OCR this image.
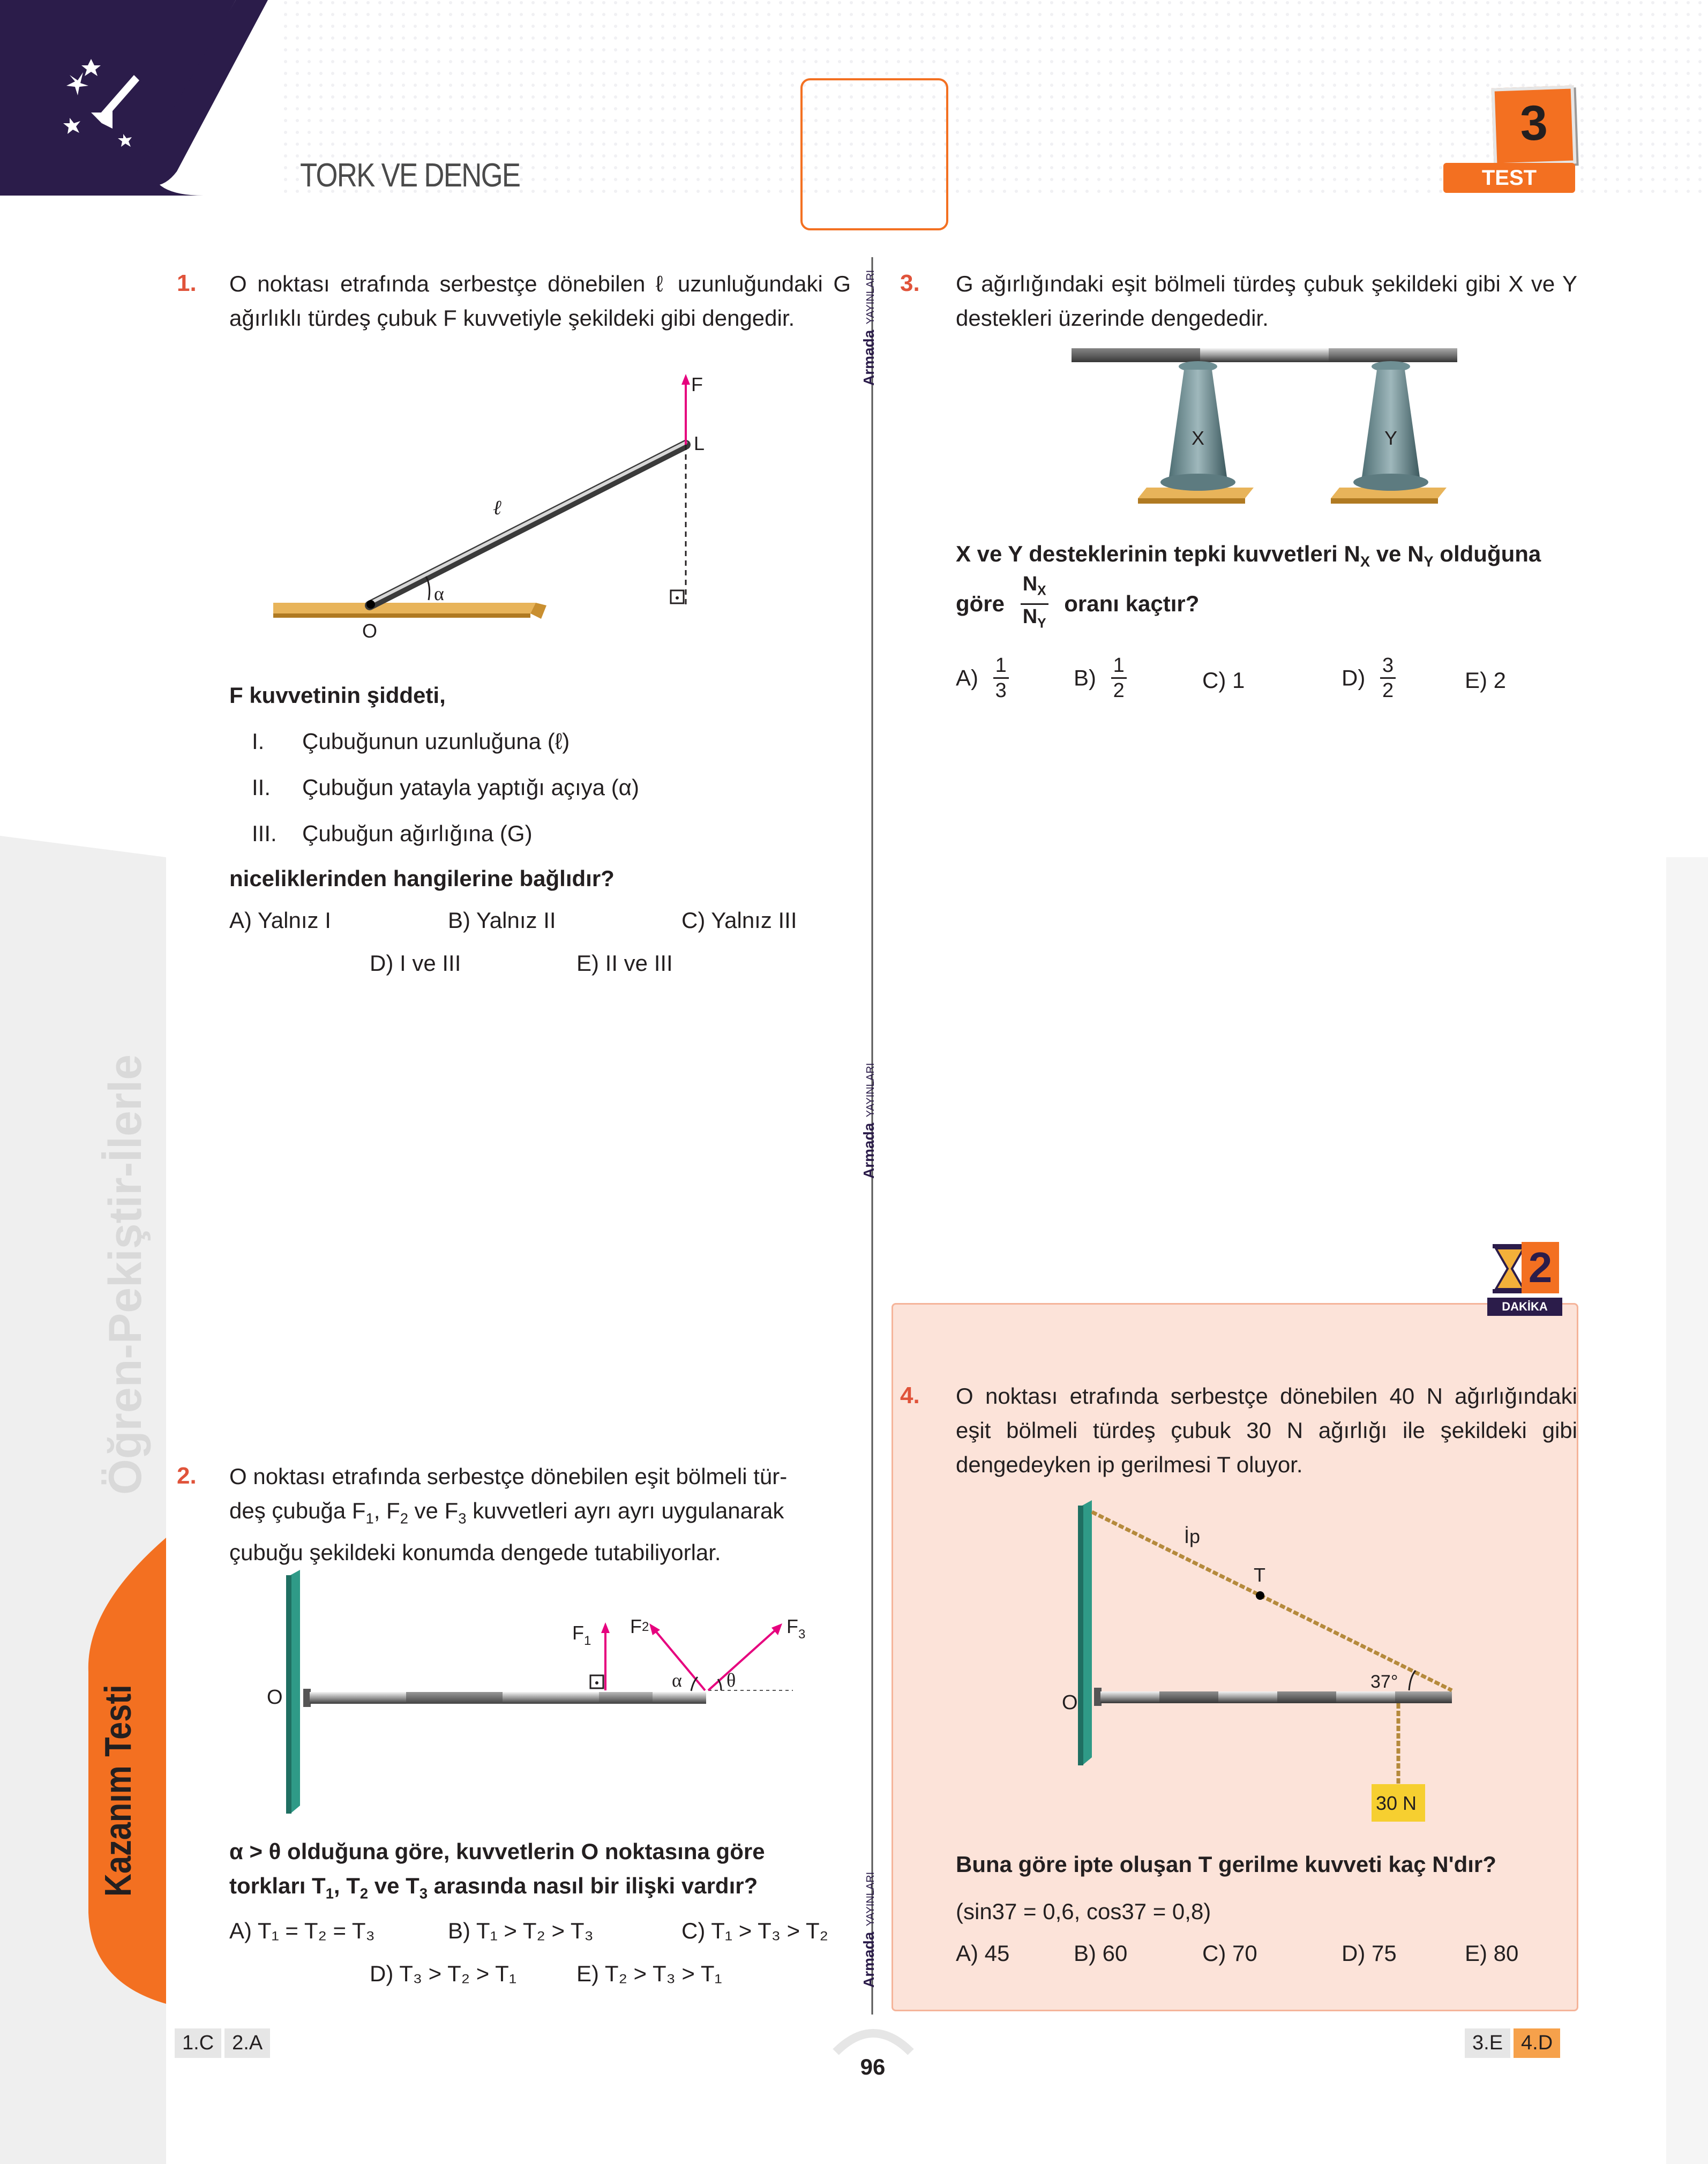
TORK VE DENGE
3
TEST
Kazanım Testi
Öğren-Pekiştir-İlerle
Armada YAYINLARI
Armada YAYINLARI
Armada YAYINLARI
1. O noktası etrafında serbestçe dönebilen ℓ uzunluğundaki G ağırlıklı türdeş çubuk F kuvvetiyle şekildeki gibi dengedir.
F
L
ℓ
α
O
F kuvvetinin şiddeti,
I. Çubuğunun uzunluğuna (ℓ)
II. Çubuğun yatayla yaptığı açıya (α)
III. Çubuğun ağırlığına (G)
niceliklerinden hangilerine bağlıdır?
A) Yalnız I	B) Yalnız II	C) Yalnız III
D) I ve III	E) II ve III
2. O noktası etrafında serbestçe dönebilen eşit bölmeli tür-
deş çubuğa $F_1$, $F_2$ ve $F_3$ kuvvetleri ayrı ayrı uygulanarak
çubuğu şekildeki konumda dengede tutabiliyorlar.
O
$F_1$
F2	$F_3$
α θ
α > θ olduğuna göre, kuvvetlerin O noktasına göre
torkları $T_1$, $T_2$ ve $T_3$ arasında nasıl bir ilişki vardır?
A) T₁ = T₂ = T₃	B) T₁ > T₂ > T₃	C) T₁ > T₃ > T₂
D) T₃ > T₂ > T₁	E) T₂ > T₃ > T₁
3. G ağırlığındaki eşit bölmeli türdeş çubuk şekildeki gibi X ve Y destekleri üzerinde dengededir.
X	Y
X ve Y desteklerinin tepki kuvvetleri $N_X$ ve $N_Y$ olduğuna
göre $\frac{N_X}{N_Y}$ oranı kaçtır?
$A) \frac{1}{3}$	$B) \frac{1}{2}$	C) 1	$D) \frac{3}{2}$	E) 2
2
DAKİKA
4. O noktası etrafında serbestçe dönebilen 40 N ağırlığındaki eşit bölmeli türdeş çubuk 30 N ağırlığı ile şekildeki gibi dengedeyken ip gerilmesi T oluyor.
İp
T
37°
O
30 N
Buna göre ipte oluşan T gerilme kuvveti kaç N'dır?
(sin37 = 0,6, cos37 = 0,8)
A) 45	B) 60	C) 70	D) 75	E) 80
1.C 2.A
96
3.E 4.D
